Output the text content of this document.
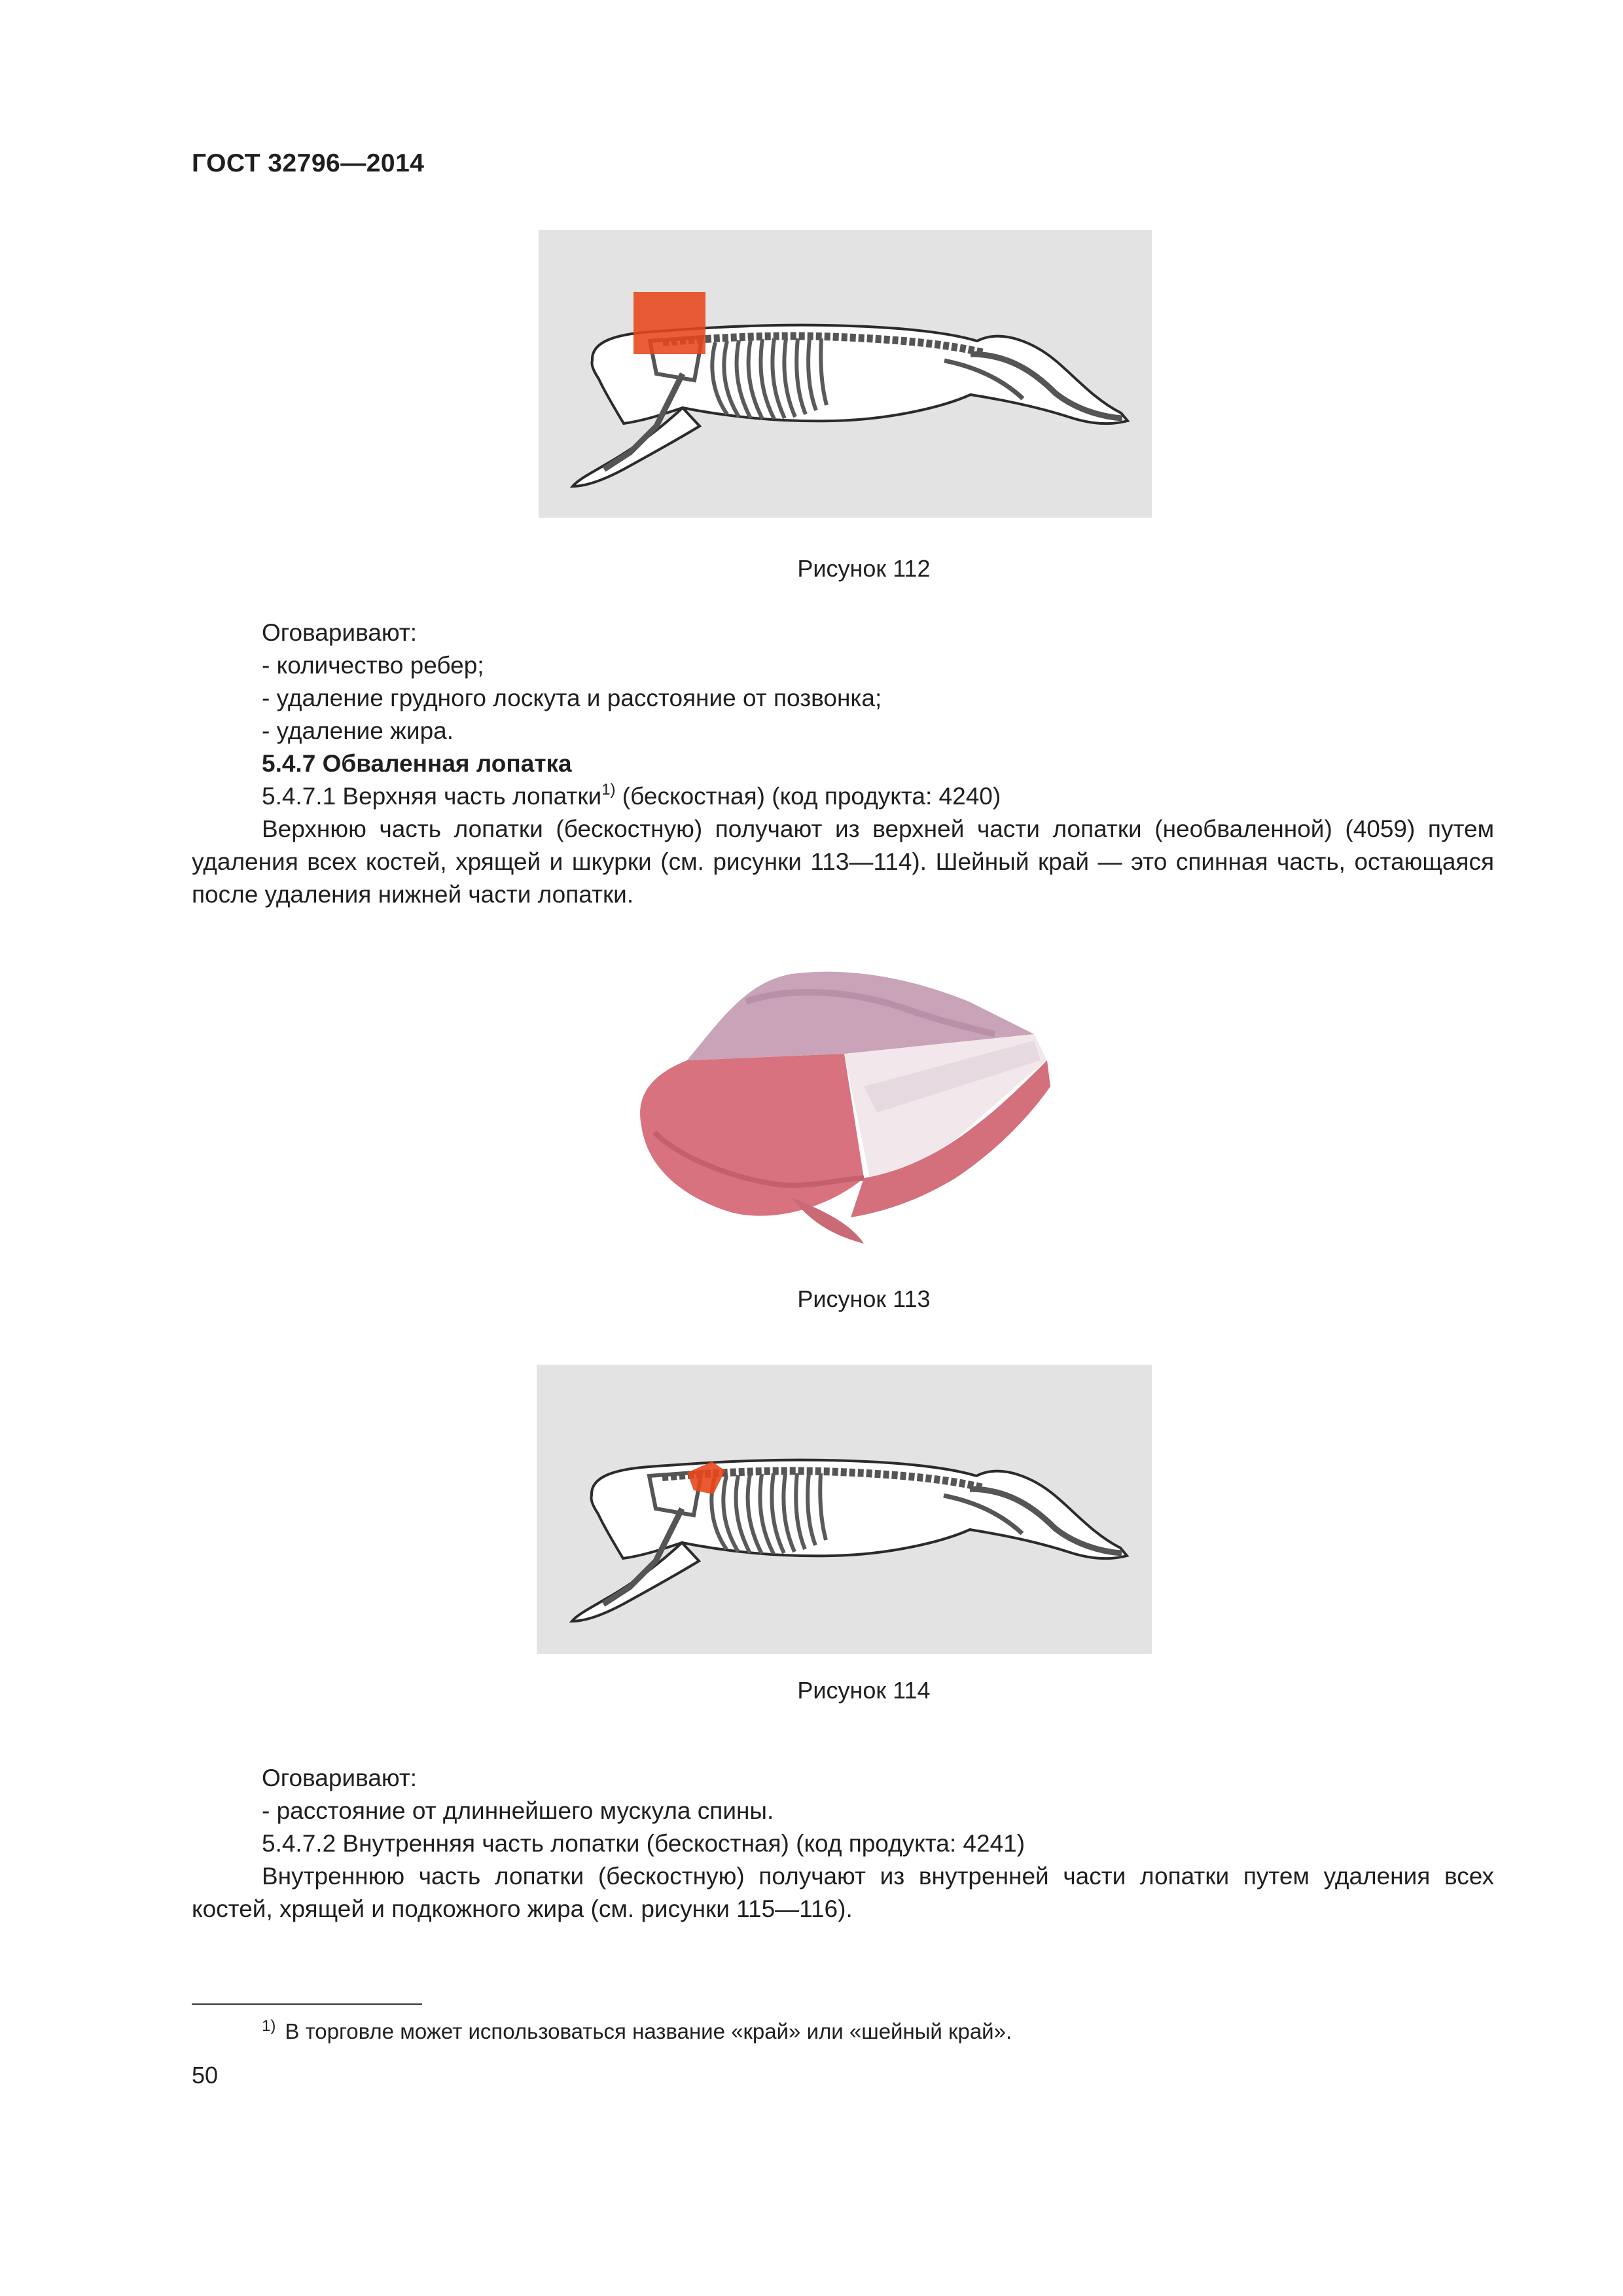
ГОСТ 32796—2014
Рисунок 112

Оговаривают:

- количество ребер;

- удаление грудного лоскута и расстояние от позвонка;

- удаление жира.

5.4.7 Обваленная лопатка

5.4.7.1 Верхняя часть лопатки$^{1)}$ (бескостная) (код продукта: 4240)

Верхнюю часть лопатки (бескостную) получают из верхней части лопатки (необваленной) (4059) путем удаления всех костей, хрящей и шкурки (см. рисунки 113—114). Шейный край — это спинная часть, остающаяся после удаления нижней части лопатки.

Рисунок 113
Рисунок 114

Оговаривают:

- расстояние от длиннейшего мускула спины.

5.4.7.2 Внутренняя часть лопатки (бескостная) (код продукта: 4241)

Внутреннюю часть лопатки (бескостную) получают из внутренней части лопатки путем удаления всех костей, хрящей и подкожного жира (см. рисунки 115—116).

$^{1)}$ В торговле может использоваться название «край» или «шейный край».
50
